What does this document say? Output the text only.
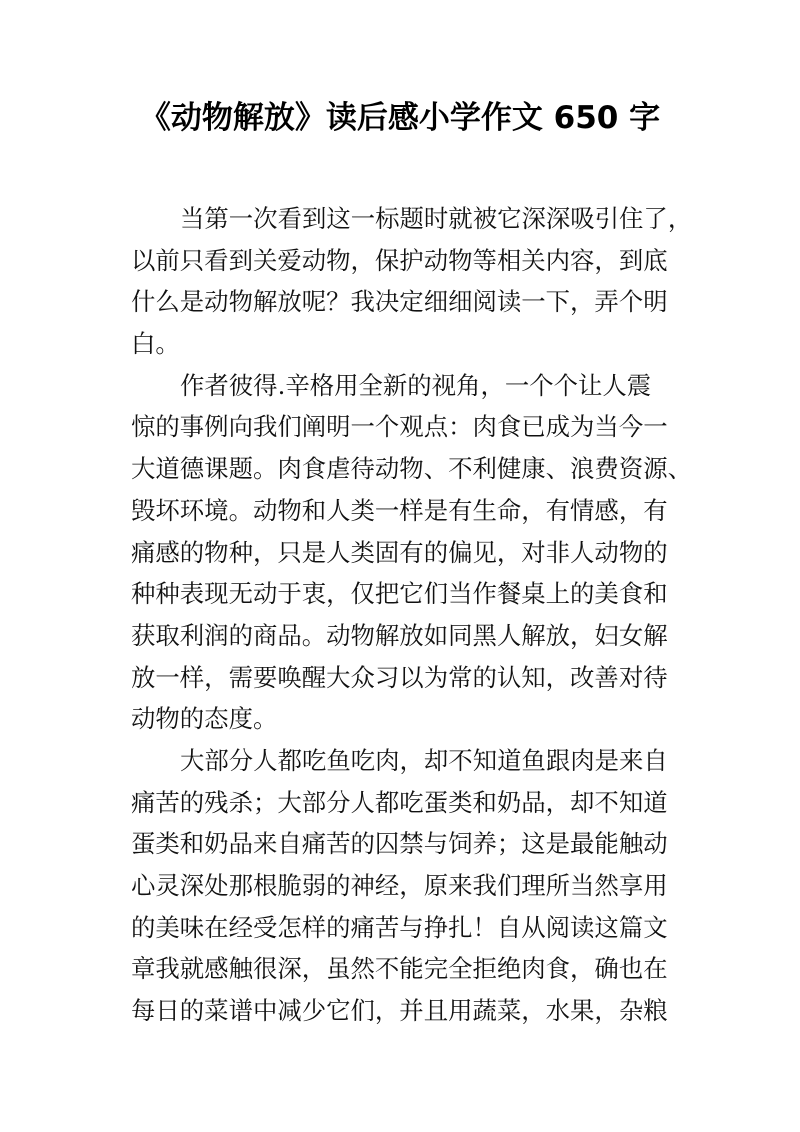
《动物解放》读后感小学作文 650 字
当第一次看到这一标题时就被它深深吸引住了，
以前只看到关爱动物，保护动物等相关内容，到底
什么是动物解放呢？我决定细细阅读一下，弄个明
白。
作者彼得.辛格用全新的视角，一个个让人震
惊的事例向我们阐明一个观点：肉食已成为当今一
大道德课题。肉食虐待动物、不利健康、浪费资源、
毁坏环境。动物和人类一样是有生命，有情感，有
痛感的物种，只是人类固有的偏见，对非人动物的
种种表现无动于衷，仅把它们当作餐桌上的美食和
获取利润的商品。动物解放如同黑人解放，妇女解
放一样，需要唤醒大众习以为常的认知，改善对待
动物的态度。
大部分人都吃鱼吃肉，却不知道鱼跟肉是来自
痛苦的残杀；大部分人都吃蛋类和奶品，却不知道
蛋类和奶品来自痛苦的囚禁与饲养；这是最能触动
心灵深处那根脆弱的神经，原来我们理所当然享用
的美味在经受怎样的痛苦与挣扎！自从阅读这篇文
章我就感触很深，虽然不能完全拒绝肉食，确也在
每日的菜谱中减少它们，并且用蔬菜，水果，杂粮
